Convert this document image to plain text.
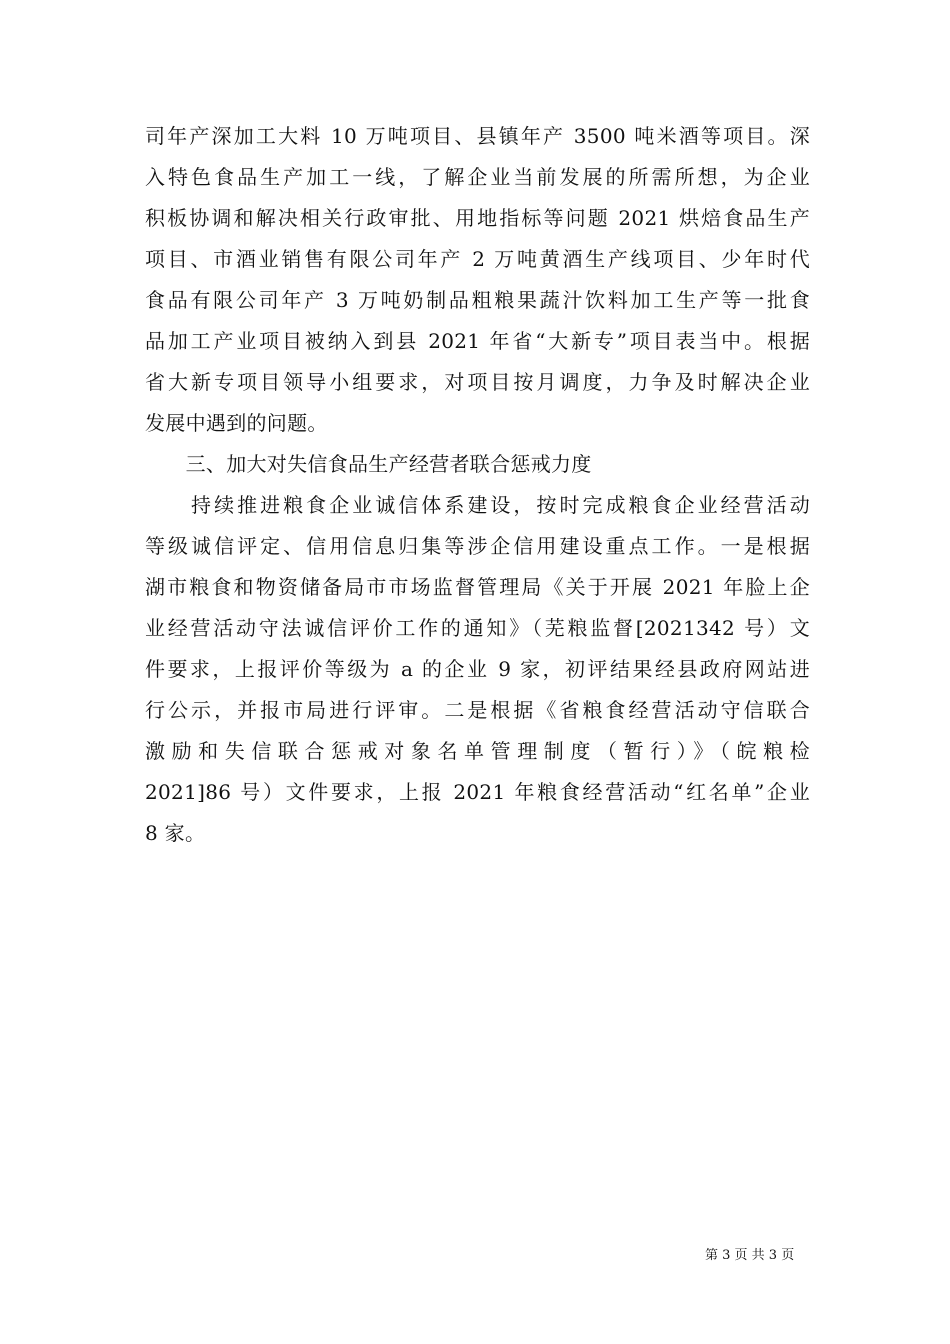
司年产深加工大料 10 万吨项目、县镇年产 3500 吨米酒等项目。深
入特色食品生产加工一线，了解企业当前发展的所需所想，为企业
积板协调和解决相关行政审批、用地指标等问题 2021 烘焙食品生产
项目、市酒业销售有限公司年产 2 万吨黄酒生产线项目、少年时代
食品有限公司年产 3 万吨奶制品粗粮果蔬汁饮料加工生产等一批食
品加工产业项目被纳入到县 2021 年省“大新专”项目表当中。根据
省大新专项目领导小组要求，对项目按月调度，力争及时解决企业
发展中遇到的问题。
　　三、加大对失信食品生产经营者联合惩戒力度
　　持续推进粮食企业诚信体系建设，按时完成粮食企业经营活动
等级诚信评定、信用信息归集等涉企信用建设重点工作。一是根据
湖市粮食和物资储备局市市场监督管理局《关于开展 2021 年脸上企
业经营活动守法诚信评价工作的通知》（芜粮监督[2021342 号）文
件要求，上报评价等级为 a 的企业 9 家，初评结果经县政府网站进
行公示，并报市局进行评审。二是根据《省粮食经营活动守信联合
激励和失信联合惩戒对象名单管理制度（暂行）》（皖粮检
2021]86 号）文件要求，上报 2021 年粮食经营活动“红名单”企业
8 家。
第 3 页 共 3 页
